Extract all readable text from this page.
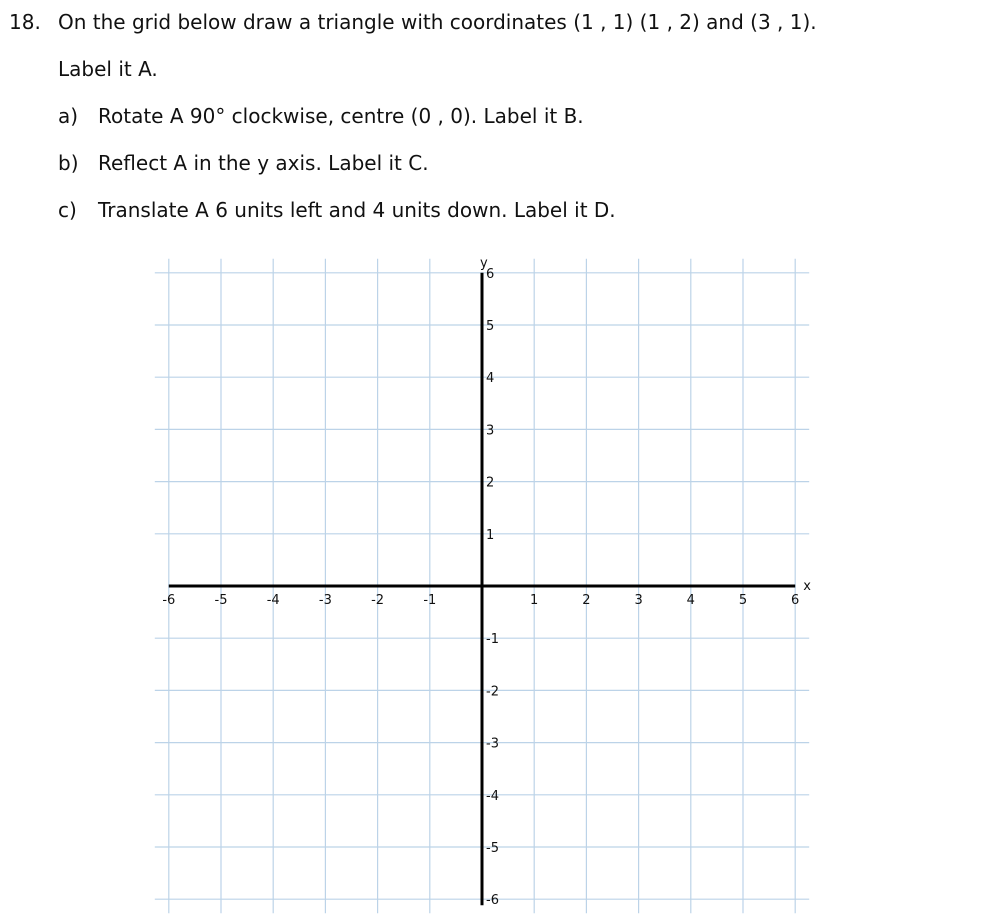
18. On the grid below draw a triangle with coordinates (1 , 1) (1 , 2) and (3 , 1).
Label it A.
a) Rotate A 90° clockwise, centre (0 , 0). Label it B.
b) Reflect A in the y axis. Label it C.
c) Translate A 6 units left and 4 units down. Label it D.
x
y
-6	-5	-4	-3	-2	-1	1	2	3	4	5	6
6
5
4
3
2
1
-1
-2
-3
-4
-5
-6
